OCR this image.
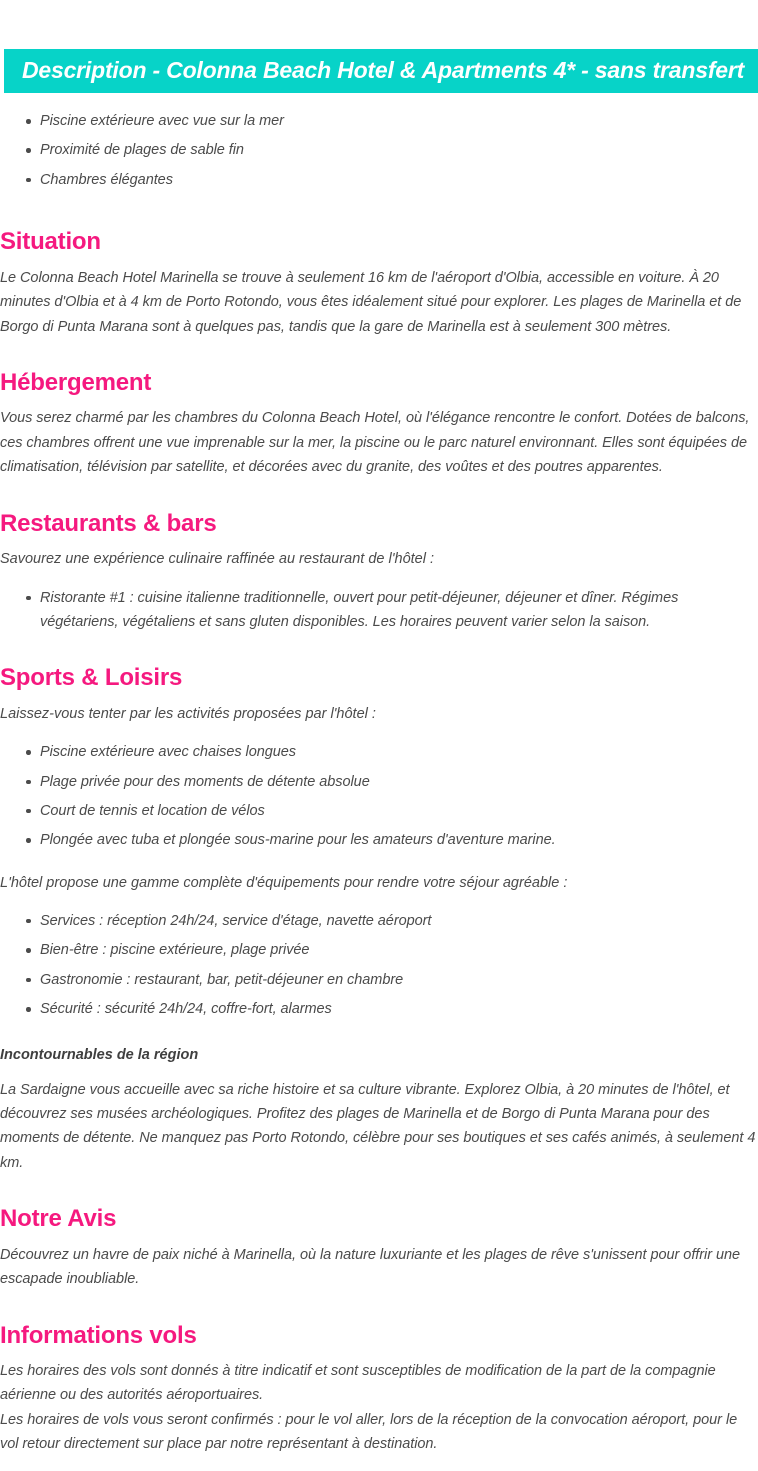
Description - Colonna Beach Hotel & Apartments 4* - sans transfert
Piscine extérieure avec vue sur la mer
Proximité de plages de sable fin
Chambres élégantes
Situation

Le Colonna Beach Hotel Marinella se trouve à seulement 16 km de l'aéroport d'Olbia, accessible en voiture. À 20 minutes d'Olbia et à 4 km de Porto Rotondo, vous êtes idéalement situé pour explorer. Les plages de Marinella et de Borgo di Punta Marana sont à quelques pas, tandis que la gare de Marinella est à seulement 300 mètres.

Hébergement

Vous serez charmé par les chambres du Colonna Beach Hotel, où l'élégance rencontre le confort. Dotées de balcons, ces chambres offrent une vue imprenable sur la mer, la piscine ou le parc naturel environnant. Elles sont équipées de climatisation, télévision par satellite, et décorées avec du granite, des voûtes et des poutres apparentes.

Restaurants & bars

Savourez une expérience culinaire raffinée au restaurant de l'hôtel :

Ristorante #1 : cuisine italienne traditionnelle, ouvert pour petit-déjeuner, déjeuner et dîner. Régimes végétariens, végétaliens et sans gluten disponibles. Les horaires peuvent varier selon la saison.
Sports & Loisirs

Laissez-vous tenter par les activités proposées par l'hôtel :

Piscine extérieure avec chaises longues
Plage privée pour des moments de détente absolue
Court de tennis et location de vélos
Plongée avec tuba et plongée sous-marine pour les amateurs d'aventure marine.

L'hôtel propose une gamme complète d'équipements pour rendre votre séjour agréable :

Services : réception 24h/24, service d'étage, navette aéroport
Bien-être : piscine extérieure, plage privée
Gastronomie : restaurant, bar, petit-déjeuner en chambre
Sécurité : sécurité 24h/24, coffre-fort, alarmes
Incontournables de la région

La Sardaigne vous accueille avec sa riche histoire et sa culture vibrante. Explorez Olbia, à 20 minutes de l'hôtel, et découvrez ses musées archéologiques. Profitez des plages de Marinella et de Borgo di Punta Marana pour des moments de détente. Ne manquez pas Porto Rotondo, célèbre pour ses boutiques et ses cafés animés, à seulement 4 km.

Notre Avis

Découvrez un havre de paix niché à Marinella, où la nature luxuriante et les plages de rêve s'unissent pour offrir une escapade inoubliable.

Informations vols

Les horaires des vols sont donnés à titre indicatif et sont susceptibles de modification de la part de la compagnie aérienne ou des autorités aéroportuaires.

Les horaires de vols vous seront confirmés : pour le vol aller, lors de la réception de la convocation aéroport, pour le vol retour directement sur place par notre représentant à destination.
